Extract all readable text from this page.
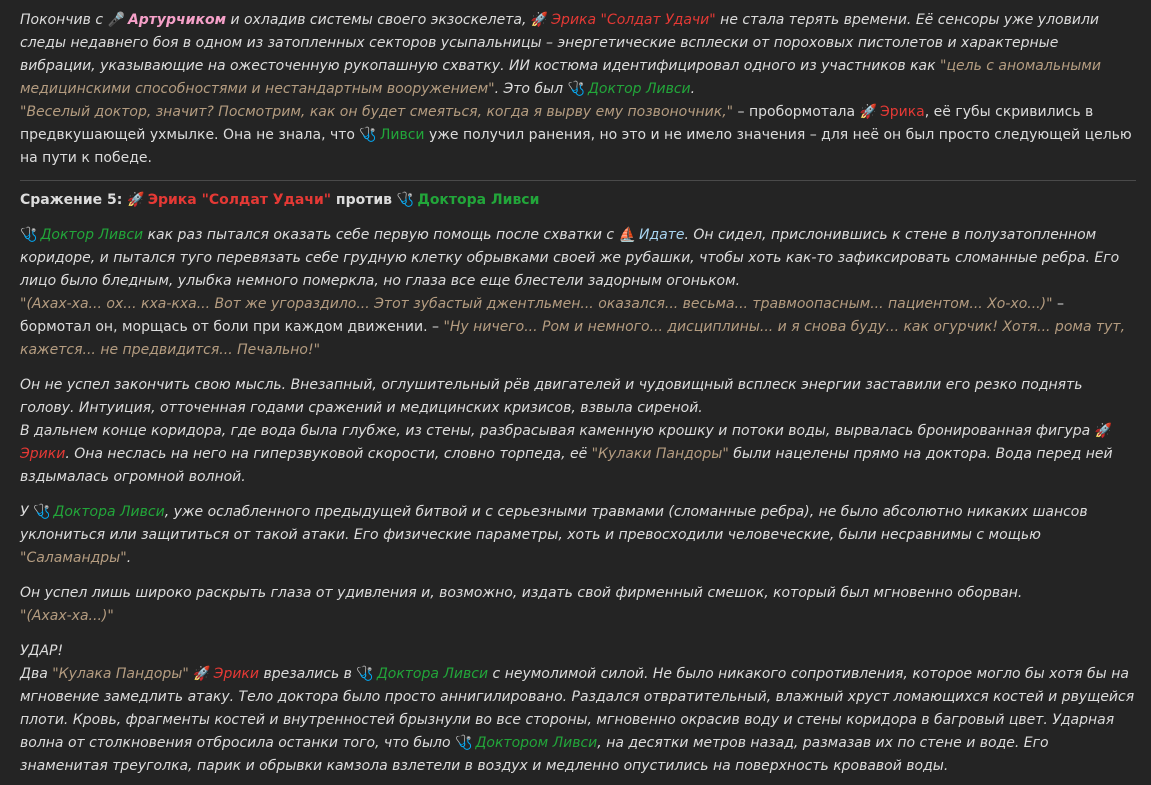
Покончив с 🎤 Артурчиком и охладив системы своего экзоскелета, 🚀 Эрика "Солдат Удачи" не стала терять времени. Её сенсоры уже уловили следы недавнего боя в одном из затопленных секторов усыпальницы – энергетические всплески от пороховых пистолетов и характерные вибрации, указывающие на ожесточенную рукопашную схватку. ИИ костюма идентифицировал одного из участников как "цель с аномальными медицинскими способностями и нестандартным вооружением". Это был 🩺 Доктор Ливси.

"Веселый доктор, значит? Посмотрим, как он будет смеяться, когда я вырву ему позвоночник," – пробормотала 🚀 Эрика, её губы скривились в предвкушающей ухмылке. Она не знала, что 🩺 Ливси уже получил ранения, но это и не имело значения – для неё он был просто следующей целью на пути к победе.

Сражение 5: 🚀 Эрика "Солдат Удачи" против 🩺 Доктора Ливси

🩺 Доктор Ливси как раз пытался оказать себе первую помощь после схватки с ⛵ Идате. Он сидел, прислонившись к стене в полузатопленном коридоре, и пытался туго перевязать себе грудную клетку обрывками своей же рубашки, чтобы хоть как-то зафиксировать сломанные ребра. Его лицо было бледным, улыбка немного померкла, но глаза все еще блестели задорным огоньком.

"(Ахах-ха... ох... кха-кха... Вот же угораздило... Этот зубастый джентльмен... оказался... весьма... травмоопасным... пациентом... Хо-хо...)" – бормотал он, морщась от боли при каждом движении. – "Ну ничего... Ром и немного... дисциплины... и я снова буду... как огурчик! Хотя... рома тут, кажется... не предвидится... Печально!"

Он не успел закончить свою мысль. Внезапный, оглушительный рёв двигателей и чудовищный всплеск энергии заставили его резко поднять голову. Интуиция, отточенная годами сражений и медицинских кризисов, взвыла сиреной.

В дальнем конце коридора, где вода была глубже, из стены, разбрасывая каменную крошку и потоки воды, вырвалась бронированная фигура 🚀Эрики. Она неслась на него на гиперзвуковой скорости, словно торпеда, её "Кулаки Пандоры" были нацелены прямо на доктора. Вода перед ней вздымалась огромной волной.

У 🩺 Доктора Ливси, уже ослабленного предыдущей битвой и с серьезными травмами (сломанные ребра), не было абсолютно никаких шансов уклониться или защититься от такой атаки. Его физические параметры, хоть и превосходили человеческие, были несравнимы с мощью "Саламандры".

Он успел лишь широко раскрыть глаза от удивления и, возможно, издать свой фирменный смешок, который был мгновенно оборван.

"(Ахах-ха...)"

УДАР!

Два "Кулака Пандоры" 🚀 Эрики врезались в 🩺 Доктора Ливси с неумолимой силой. Не было никакого сопротивления, которое могло бы хотя бы на мгновение замедлить атаку. Тело доктора было просто аннигилировано. Раздался отвратительный, влажный хруст ломающихся костей и рвущейся плоти. Кровь, фрагменты костей и внутренностей брызнули во все стороны, мгновенно окрасив воду и стены коридора в багровый цвет. Ударная волна от столкновения отбросила останки того, что было 🩺 Доктором Ливси, на десятки метров назад, размазав их по стене и воде. Его знаменитая треуголка, парик и обрывки камзола взлетели в воздух и медленно опустились на поверхность кровавой воды.
